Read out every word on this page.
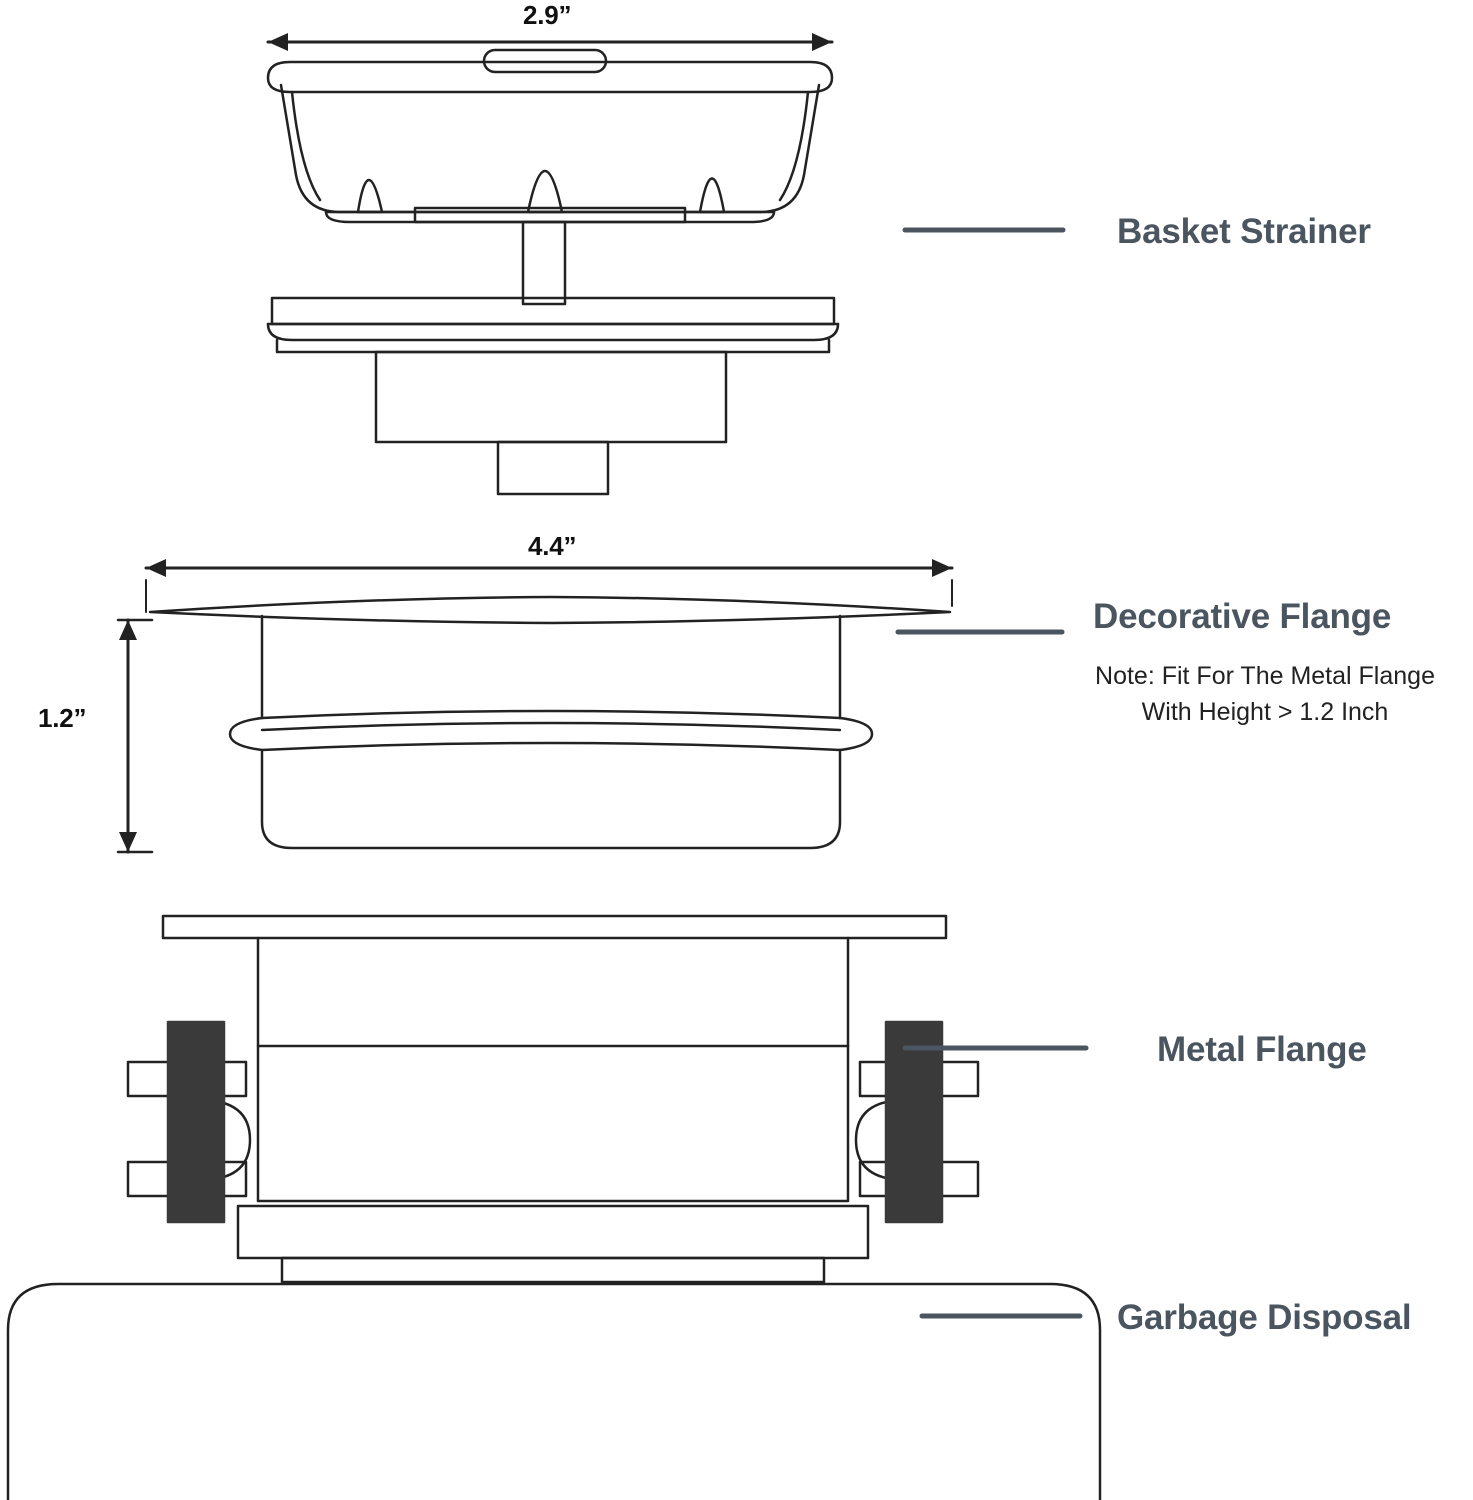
Basket Strainer
Decorative Flange
Note: Fit For The Metal Flange
With Height > 1.2 Inch
Metal Flange
Garbage Disposal
2.9”
4.4”
1.2”
